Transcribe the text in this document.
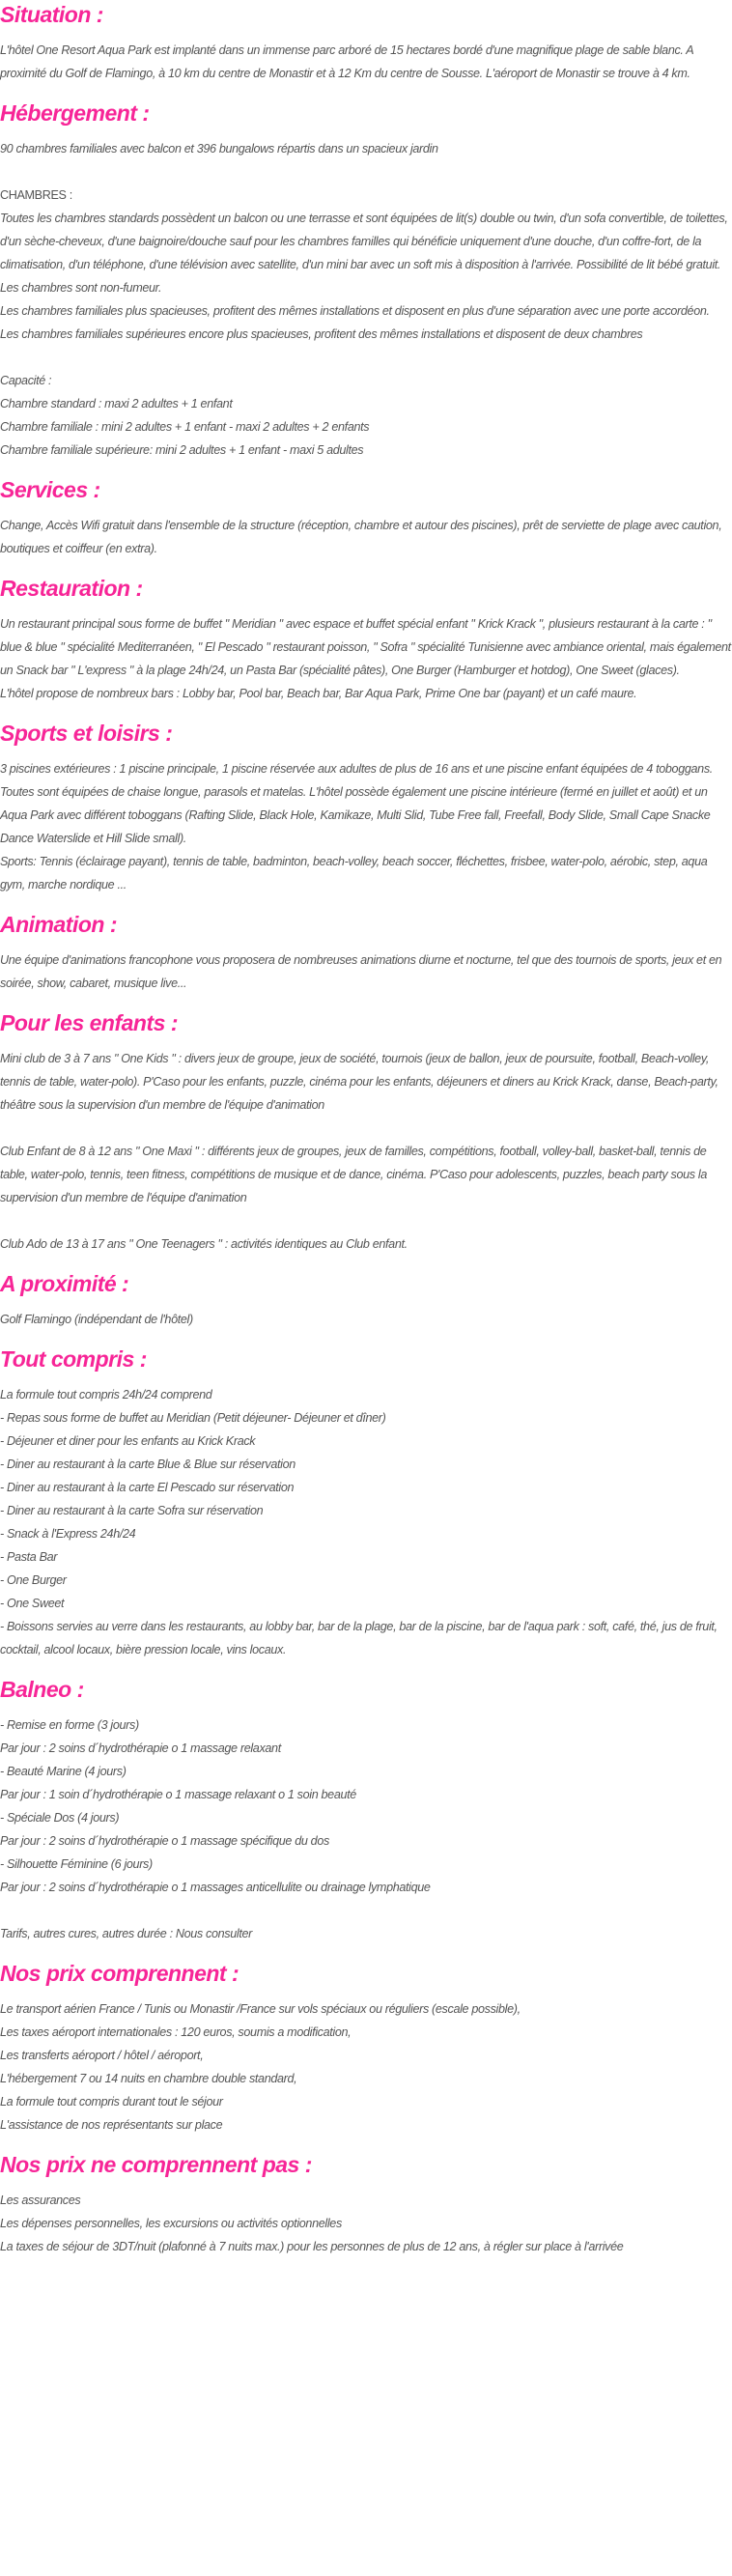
Situation :

L'hôtel One Resort Aqua Park est implanté dans un immense parc arboré de 15 hectares bordé d'une magnifique plage de sable blanc. A proximité du Golf de Flamingo, à 10 km du centre de Monastir et à 12 Km du centre de Sousse. L'aéroport de Monastir se trouve à 4 km.

Hébergement :

90 chambres familiales avec balcon et 396 bungalows répartis dans un spacieux jardin

CHAMBRES :

Toutes les chambres standards possèdent un balcon ou une terrasse et sont équipées de lit(s) double ou twin, d'un sofa convertible, de toilettes, d'un sèche-cheveux, d'une baignoire/douche sauf pour les chambres familles qui bénéficie uniquement d'une douche, d'un coffre-fort, de la climatisation, d'un téléphone, d'une télévision avec satellite, d'un mini bar avec un soft mis à disposition à l'arrivée. Possibilité de lit bébé gratuit. Les chambres sont non-fumeur.

Les chambres familiales plus spacieuses, profitent des mêmes installations et disposent en plus d'une séparation avec une porte accordéon.

Les chambres familiales supérieures encore plus spacieuses, profitent des mêmes installations et disposent de deux chambres

Capacité :

Chambre standard : maxi 2 adultes + 1 enfant

Chambre familiale : mini 2 adultes + 1 enfant - maxi 2 adultes + 2 enfants

Chambre familiale supérieure: mini 2 adultes + 1 enfant - maxi 5 adultes

Services :

Change, Accès Wifi gratuit dans l'ensemble de la structure (réception, chambre et autour des piscines), prêt de serviette de plage avec caution, boutiques et coiffeur (en extra).

Restauration :

Un restaurant principal sous forme de buffet " Meridian " avec espace et buffet spécial enfant " Krick Krack ", plusieurs restaurant à la carte : " blue & blue " spécialité Mediterranéen, " El Pescado " restaurant poisson, " Sofra " spécialité Tunisienne avec ambiance oriental, mais également un Snack bar " L'express " à la plage 24h/24, un Pasta Bar (spécialité pâtes), One Burger (Hamburger et hotdog), One Sweet (glaces).

L'hôtel propose de nombreux bars : Lobby bar, Pool bar, Beach bar, Bar Aqua Park, Prime One bar (payant) et un café maure.

Sports et loisirs :

3 piscines extérieures : 1 piscine principale, 1 piscine réservée aux adultes de plus de 16 ans et une piscine enfant équipées de 4 toboggans. Toutes sont équipées de chaise longue, parasols et matelas. L'hôtel possède également une piscine intérieure (fermé en juillet et août) et un Aqua Park avec différent toboggans (Rafting Slide, Black Hole, Kamikaze, Multi Slid, Tube Free fall, Freefall, Body Slide, Small Cape Snacke Dance Waterslide et Hill Slide small).

Sports: Tennis (éclairage payant), tennis de table, badminton, beach-volley, beach soccer, fléchettes, frisbee, water-polo, aérobic, step, aqua gym, marche nordique ...

Animation :

Une équipe d'animations francophone vous proposera de nombreuses animations diurne et nocturne, tel que des tournois de sports, jeux et en soirée, show, cabaret, musique live...

Pour les enfants :

Mini club de 3 à 7 ans " One Kids " : divers jeux de groupe, jeux de société, tournois (jeux de ballon, jeux de poursuite, football, Beach-volley, tennis de table, water-polo). P'Caso pour les enfants, puzzle, cinéma pour les enfants, déjeuners et diners au Krick Krack, danse, Beach-party, théâtre sous la supervision d'un membre de l'équipe d'animation

Club Enfant de 8 à 12 ans " One Maxi " : différents jeux de groupes, jeux de familles, compétitions, football, volley-ball, basket-ball, tennis de table, water-polo, tennis, teen fitness, compétitions de musique et de dance, cinéma. P'Caso pour adolescents, puzzles, beach party sous la supervision d'un membre de l'équipe d'animation

Club Ado de 13 à 17 ans " One Teenagers " : activités identiques au Club enfant.

A proximité :

Golf Flamingo (indépendant de l'hôtel)

Tout compris :

La formule tout compris 24h/24 comprend

- Repas sous forme de buffet au Meridian (Petit déjeuner- Déjeuner et dîner)

- Déjeuner et diner pour les enfants au Krick Krack

- Diner au restaurant à la carte Blue & Blue sur réservation

- Diner au restaurant à la carte El Pescado sur réservation

- Diner au restaurant à la carte Sofra sur réservation

- Snack à l'Express 24h/24

- Pasta Bar

- One Burger

- One Sweet

- Boissons servies au verre dans les restaurants, au lobby bar, bar de la plage, bar de la piscine, bar de l'aqua park : soft, café, thé, jus de fruit, cocktail, alcool locaux, bière pression locale, vins locaux.

Balneo :

- Remise en forme (3 jours)

Par jour : 2 soins d´hydrothérapie o 1 massage relaxant

- Beauté Marine (4 jours)

Par jour : 1 soin d´hydrothérapie o 1 massage relaxant o 1 soin beauté

- Spéciale Dos (4 jours)

Par jour : 2 soins d´hydrothérapie o 1 massage spécifique du dos

- Silhouette Féminine (6 jours)

Par jour : 2 soins d´hydrothérapie o 1 massages anticellulite ou drainage lymphatique

Tarifs, autres cures, autres durée : Nous consulter

Nos prix comprennent :

Le transport aérien France / Tunis ou Monastir /France sur vols spéciaux ou réguliers (escale possible),

Les taxes aéroport internationales : 120 euros, soumis a modification,

Les transferts aéroport / hôtel / aéroport,

L'hébergement 7 ou 14 nuits en chambre double standard,

La formule tout compris durant tout le séjour

L'assistance de nos représentants sur place

Nos prix ne comprennent pas :

Les assurances

Les dépenses personnelles, les excursions ou activités optionnelles

La taxes de séjour de 3DT/nuit (plafonné à 7 nuits max.) pour les personnes de plus de 12 ans, à régler sur place à l'arrivée
